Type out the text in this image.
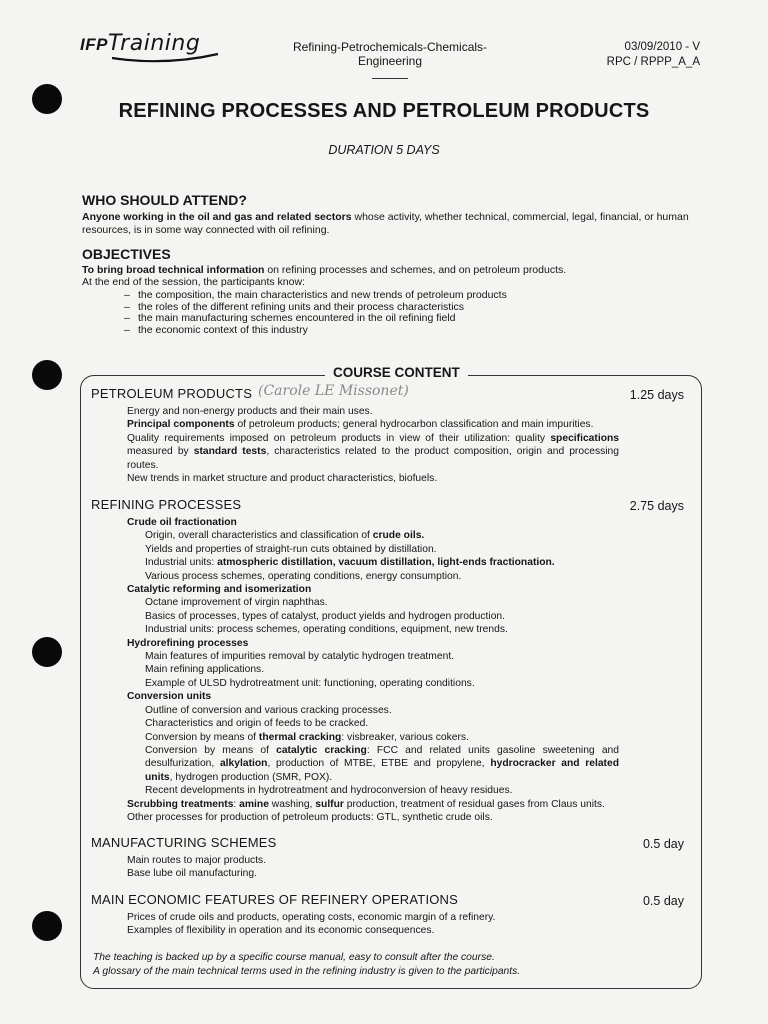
IFPTraining	Refining-Petrochemicals-Chemicals-Engineering
03/09/2010 - V
RPC / RPPP_A_A
REFINING PROCESSES AND PETROLEUM PRODUCTS
DURATION 5 DAYS
WHO SHOULD ATTEND?
Anyone working in the oil and gas and related sectors whose activity, whether technical, commercial, legal, financial, or human resources, is in some way connected with oil refining.
OBJECTIVES
To bring broad technical information on refining processes and schemes, and on petroleum products.
At the end of the session, the participants know:
– the composition, the main characteristics and new trends of petroleum products
– the roles of the different refining units and their process characteristics
– the main manufacturing schemes encountered in the oil refining field
– the economic context of this industry
COURSE CONTENT
PETROLEUM PRODUCTS (Carole LE Missonet)	1.25 days
Energy and non-energy products and their main uses.
Principal components of petroleum products; general hydrocarbon classification and main impurities.
Quality requirements imposed on petroleum products in view of their utilization: quality specifications measured by standard tests, characteristics related to the product composition, origin and processing routes.
New trends in market structure and product characteristics, biofuels.
REFINING PROCESSES	2.75 days
Crude oil fractionation
Origin, overall characteristics and classification of crude oils.
Yields and properties of straight-run cuts obtained by distillation.
Industrial units: atmospheric distillation, vacuum distillation, light-ends fractionation.
Various process schemes, operating conditions, energy consumption.
Catalytic reforming and isomerization
Octane improvement of virgin naphthas.
Basics of processes, types of catalyst, product yields and hydrogen production.
Industrial units: process schemes, operating conditions, equipment, new trends.
Hydrorefining processes
Main features of impurities removal by catalytic hydrogen treatment.
Main refining applications.
Example of ULSD hydrotreatment unit: functioning, operating conditions.
Conversion units
Outline of conversion and various cracking processes.
Characteristics and origin of feeds to be cracked.
Conversion by means of thermal cracking: visbreaker, various cokers.
Conversion by means of catalytic cracking: FCC and related units gasoline sweetening and desulfurization, alkylation, production of MTBE, ETBE and propylene, hydrocracker and related units, hydrogen production (SMR, POX).
Recent developments in hydrotreatment and hydroconversion of heavy residues.
Scrubbing treatments: amine washing, sulfur production, treatment of residual gases from Claus units.
Other processes for production of petroleum products: GTL, synthetic crude oils.
MANUFACTURING SCHEMES	0.5 day
Main routes to major products.
Base lube oil manufacturing.
MAIN ECONOMIC FEATURES OF REFINERY OPERATIONS	0.5 day
Prices of crude oils and products, operating costs, economic margin of a refinery.
Examples of flexibility in operation and its economic consequences.
The teaching is backed up by a specific course manual, easy to consult after the course.
A glossary of the main technical terms used in the refining industry is given to the participants.
